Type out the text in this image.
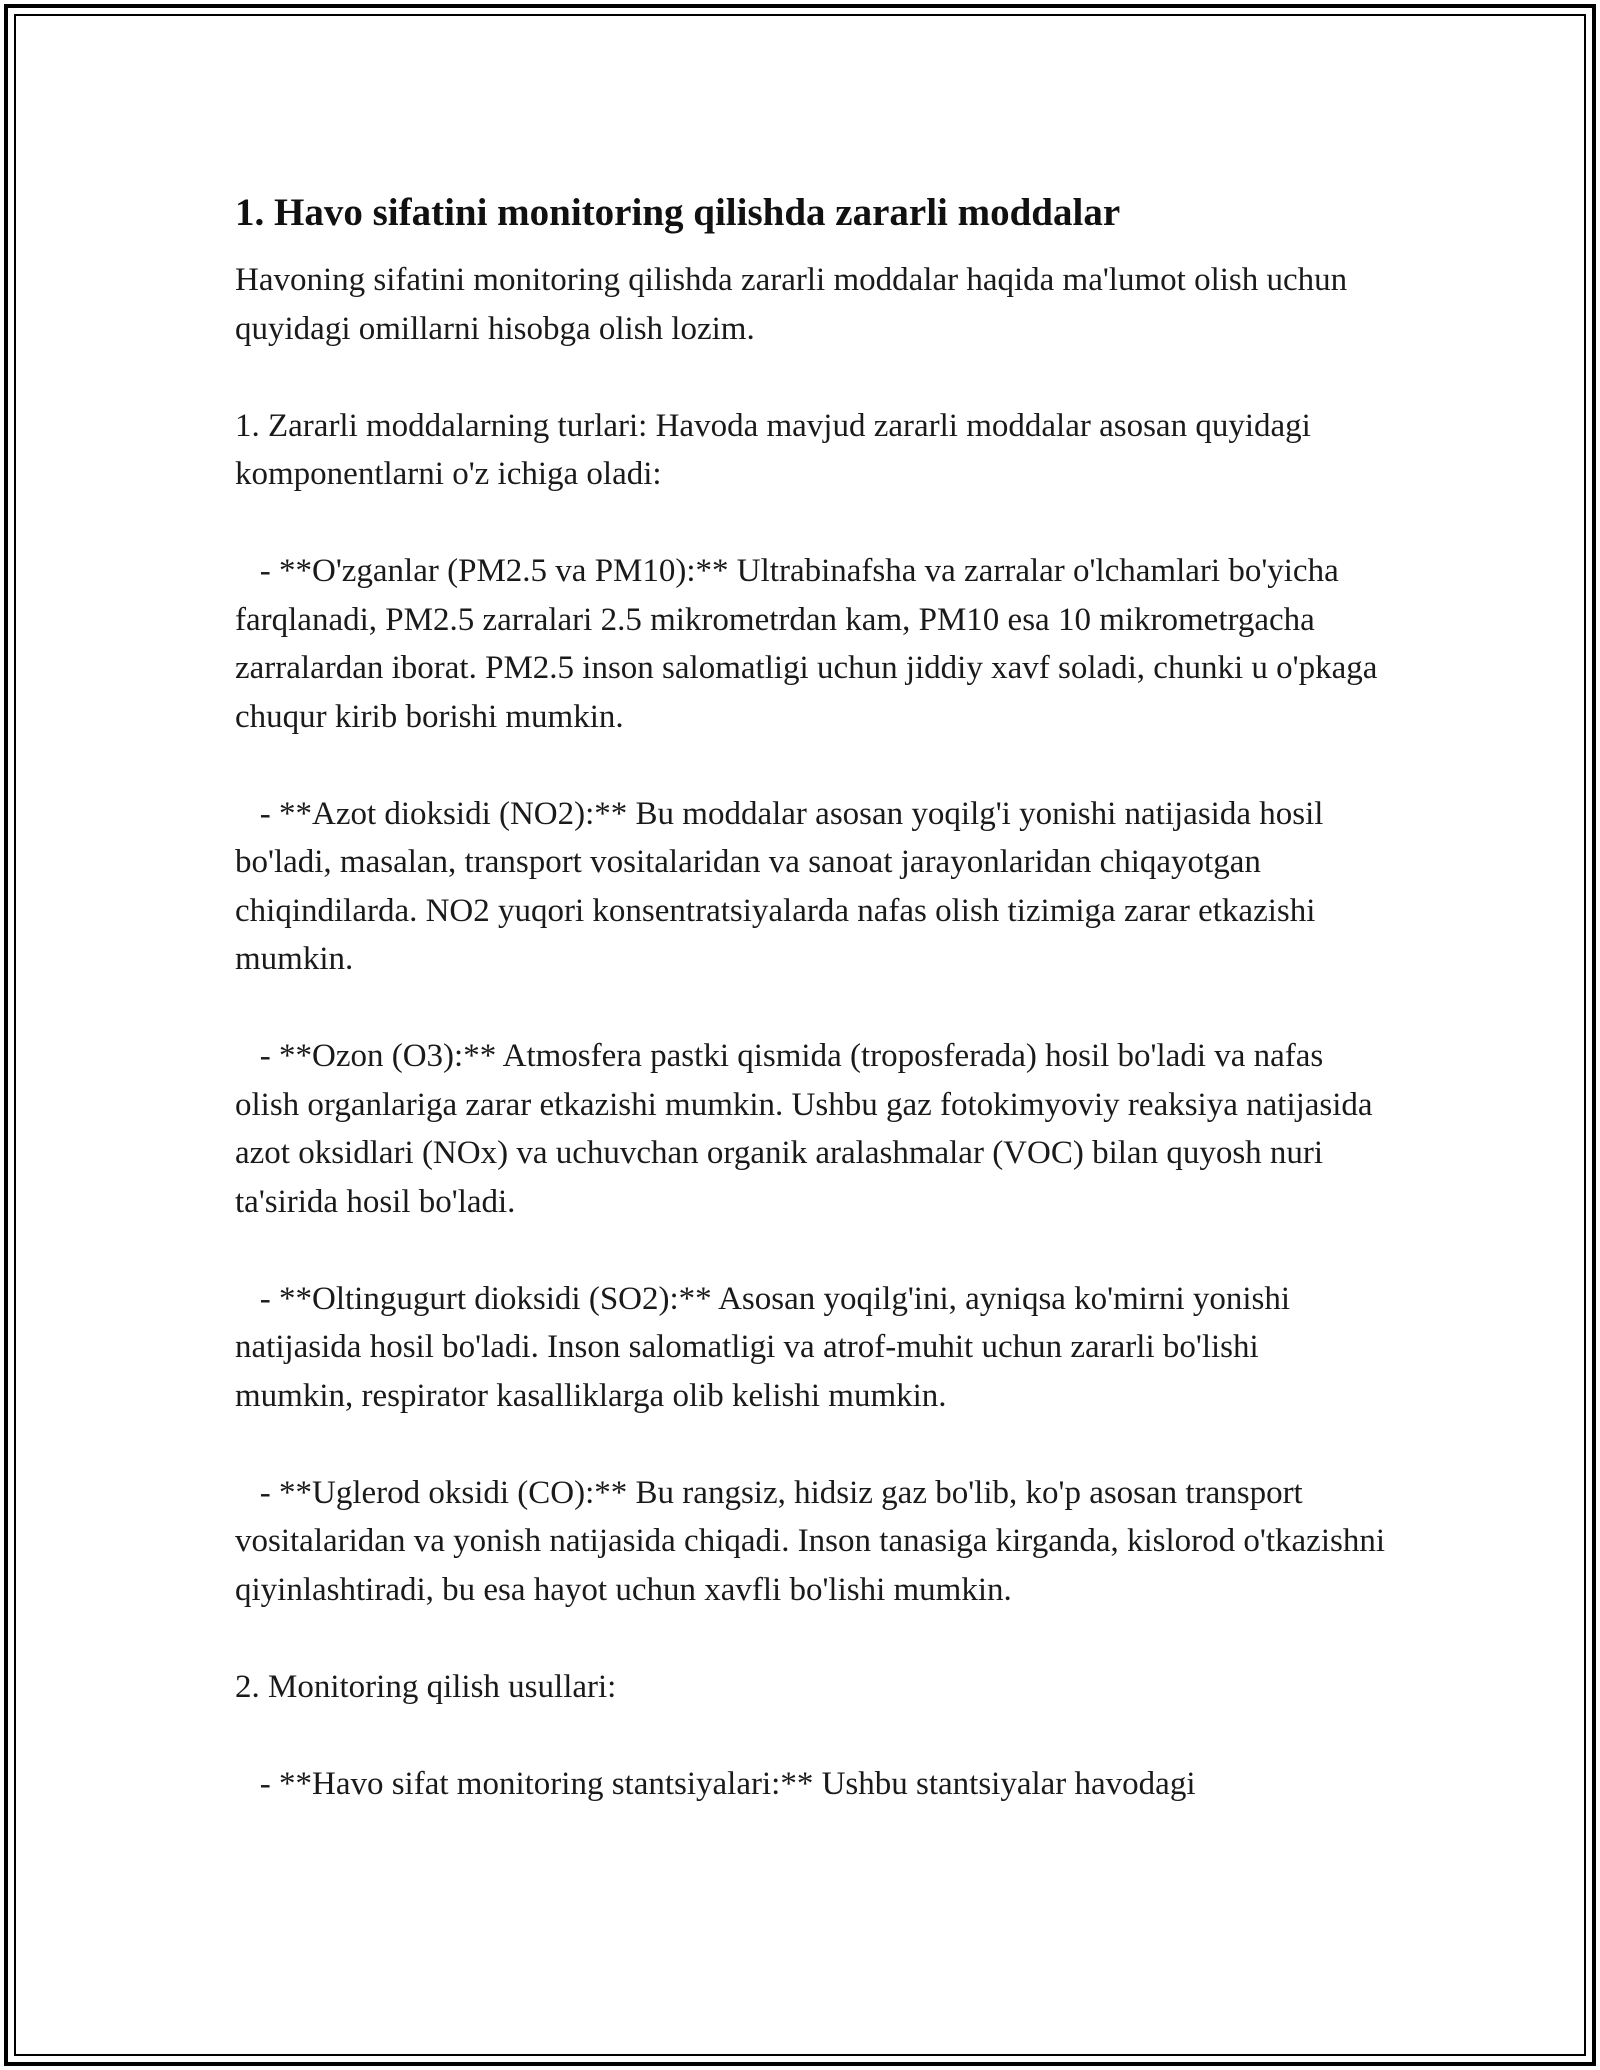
1. Havo sifatini monitoring qilishda zararli moddalar

Havoning sifatini monitoring qilishda zararli moddalar haqida ma'lumot olish uchun quyidagi omillarni hisobga olish lozim.

1. Zararli moddalarning turlari: Havoda mavjud zararli moddalar asosan quyidagi komponentlarni o'z ichiga oladi:

- **O'zganlar (PM2.5 va PM10):** Ultrabinafsha va zarralar o'lchamlari bo'yicha farqlanadi, PM2.5 zarralari 2.5 mikrometrdan kam, PM10 esa 10 mikrometrgacha zarralardan iborat. PM2.5 inson salomatligi uchun jiddiy xavf soladi, chunki u o'pkaga chuqur kirib borishi mumkin.

- **Azot dioksidi (NO2):** Bu moddalar asosan yoqilg'i yonishi natijasida hosil bo'ladi, masalan, transport vositalaridan va sanoat jarayonlaridan chiqayotgan chiqindilarda. NO2 yuqori konsentratsiyalarda nafas olish tizimiga zarar etkazishi mumkin.

- **Ozon (O3):** Atmosfera pastki qismida (troposferada) hosil bo'ladi va nafas olish organlariga zarar etkazishi mumkin. Ushbu gaz fotokimyoviy reaksiya natijasida azot oksidlari (NOx) va uchuvchan organik aralashmalar (VOC) bilan quyosh nuri ta'sirida hosil bo'ladi.

- **Oltingugurt dioksidi (SO2):** Asosan yoqilg'ini, ayniqsa ko'mirni yonishi natijasida hosil bo'ladi. Inson salomatligi va atrof-muhit uchun zararli bo'lishi mumkin, respirator kasalliklarga olib kelishi mumkin.

- **Uglerod oksidi (CO):** Bu rangsiz, hidsiz gaz bo'lib, ko'p asosan transport vositalaridan va yonish natijasida chiqadi. Inson tanasiga kirganda, kislorod o'tkazishni qiyinlashtiradi, bu esa hayot uchun xavfli bo'lishi mumkin.

2. Monitoring qilish usullari:

- **Havo sifat monitoring stantsiyalari:** Ushbu stantsiyalar havodagi
